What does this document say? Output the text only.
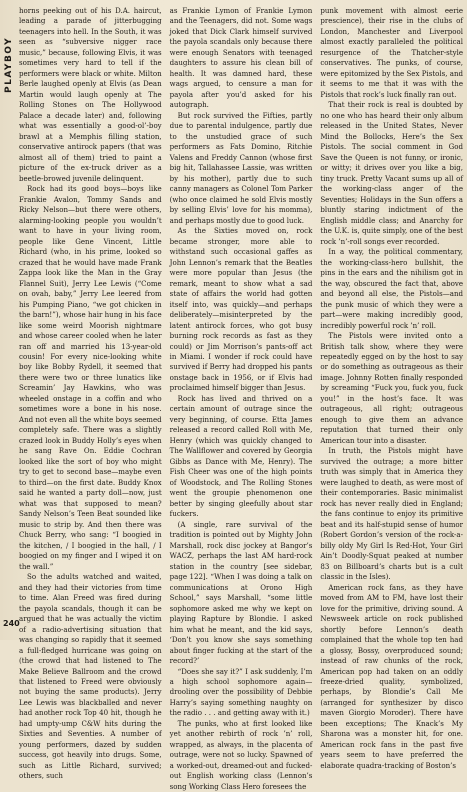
PLAYBOY
240

horns peeking out of his D.A. haircut, leading a parade of jitterbugging teenagers into hell. In the South, it was seen as “subversive nigger race music,” because, following Elvis, it was sometimes very hard to tell if the performers were black or white. Milton Berle laughed openly at Elvis (as Dean Martin would laugh openly at The Rolling Stones on The Hollywood Palace a decade later) and, following what was essentially a good-ol’-boy brawl at a Memphis filling station, conservative antirock papers (that was almost all of them) tried to paint a picture of the ex-truck driver as a beetle-browed juvenile delinquent.

Rock had its good boys—boys like Frankie Avalon, Tommy Sands and Ricky Nelson—but there were others, alarming-looking people you wouldn’t want to have in your living room, people like Gene Vincent, Little Richard (who, in his prime, looked so crazed that he would have made Frank Zappa look like the Man in the Gray Flannel Suit), Jerry Lee Lewis (“Come on ovah, baby,” Jerry Lee leered from his Pumping Piano, “we got chicken in the barn!”), whose hair hung in his face like some weird Moorish nightmare and whose career cooled when he later ran off and married his 13-year-old cousin! For every nice-looking white boy like Bobby Rydell, it seemed that there were two or three lunatics like Screamin’ Jay Hawkins, who was wheeled onstage in a coffin and who sometimes wore a bone in his nose. And not even all the white boys seemed completely safe. There was a slightly crazed look in Buddy Holly’s eyes when he sang Rave On. Eddie Cochran looked like the sort of boy who might try to get to second base—maybe even to third—on the first date. Buddy Knox said he wanted a party doll—now, just what was that supposed to mean? Sandy Nelson’s Teen Beat sounded like music to strip by. And then there was Chuck Berry, who sang: “I boogied in the kitchen, / I boogied in the hall, / I boogied on my finger and I wiped it on the wall.”

So the adults watched and waited, and they had their victories from time to time. Alan Freed was fired during the payola scandals, though it can be argued that he was actually the victim of a radio-advertising situation that was changing so rapidly that it seemed a full-fledged hurricane was going on (the crowd that had listened to The Make Believe Ballroom and the crowd that listened to Freed were obviously not buying the same products). Jerry Lee Lewis was blackballed and never had another rock Top 40 hit, though he had umpty-ump C&W hits during the Sixties and Seventies. A number of young performers, dazed by sudden success, got heavily into drugs. Some, such as Little Richard, survived; others, such

as Frankie Lymon of Frankie Lymon and the Teenagers, did not. Some wags joked that Dick Clark himself survived the payola scandals only because there were enough Senators with teenaged daughters to assure his clean bill of health. It was damned hard, these wags argued, to censure a man for payola after you’d asked for his autograph.

But rock survived the Fifties, partly due to parental indulgence, partly due to the unstudied grace of such performers as Fats Domino, Ritchie Valens and Freddy Cannon (whose first big hit, Tallahassee Lassie, was written by his mother), partly due to such canny managers as Colonel Tom Parker (who once claimed he sold Elvis mostly by selling Elvis’ love for his momma), and perhaps mostly due to good luck.

As the Sixties moved on, rock became stronger, more able to withstand such occasional gaffes as John Lennon’s remark that the Beatles were more popular than Jesus (the remark, meant to show what a sad state of affairs the world had gotten itself into, was quickly—and perhaps deliberately—misinterpreted by the latent antirock forces, who got busy burning rock records as fast as they could) or Jim Morrison’s pants-off act in Miami. I wonder if rock could have survived if Berry had dropped his pants onstage back in 1956, or if Elvis had proclaimed himself bigger than Jesus.

Rock has lived and thrived on a certain amount of outrage since the very beginning, of course. Etta James released a record called Roll with Me, Henry (which was quickly changed to The Wallflower and covered by Georgia Gibbs as Dance with Me, Henry). The Fish Cheer was one of the high points of Woodstock, and The Rolling Stones went the groupie phenomenon one better by singing gleefully about star fuckers.

(A single, rare survival of the tradition is pointed out by Mighty John Marshall, rock disc jockey at Bangor’s WACZ, perhaps the last AM hard-rock station in the country [see sidebar, page 122]. “When I was doing a talk on communications at Orono High School,” says Marshall, “some little sophomore asked me why we kept on playing Rapture by Blondie. I asked him what he meant, and the kid says, ‘Don’t you know she says something about finger fucking at the start of the record?’

“Does she say it?” I ask suddenly, I’m a high school sophomore again—drooling over the possibility of Debbie Harry’s saying something naughty on the radio . . . and getting away with it.)

The punks, who at first looked like yet another rebirth of rock ’n’ roll, wrapped, as always, in the placenta of outrage, were not so lucky. Spawned of a worked-out, dreamed-out and fucked-out English working class (Lennon’s song Working Class Hero foresees the

punk movement with almost eerie prescience), their rise in the clubs of London, Manchester and Liverpool almost exactly paralleled the political resurgence of the Thatcher-style conservatives. The punks, of course, were epitomized by the Sex Pistols, and it seems to me that it was with the Pistols that rock’s luck finally ran out.

That their rock is real is doubted by no one who has heard their only album released in the United States, Never Mind the Bollocks, Here’s the Sex Pistols. The social comment in God Save the Queen is not funny, or ironic, or witty; it drives over you like a big, tiny truck. Pretty Vacant sums up all of the working-class anger of the Seventies; Holidays in the Sun offers a bluntly staring indictment of the English middle class; and Anarchy for the U.K. is, quite simply, one of the best rock ’n’-roll songs ever recorded.

In a way, the political commentary, the working-class-hero bullshit, the pins in the ears and the nihilism got in the way, obscured the fact that, above and beyond all else, the Pistols—and the punk music of which they were a part—were making incredibly good, incredibly powerful rock ’n’ roll.

The Pistols were invited onto a British talk show, where they were repeatedly egged on by the host to say or do something as outrageous as their image. Johnny Rotten finally responded by screaming “Fuck you, fuck you, fuck you!” in the host’s face. It was outrageous, all right; outrageous enough to give them an advance reputation that turned their only American tour into a disaster.

In truth, the Pistols might have survived the outrage; a more bitter truth was simply that in America they were laughed to death, as were most of their contemporaries. Basic minimalist rock has never really died in England; the fans continue to enjoy its primitive beat and its half-stupid sense of humor (Robert Gordon’s version of the rock-a-billy oldy My Girl Is Red-Hot, Your Girl Ain’t Doodly-Squat peaked at number 83 on Billboard’s charts but is a cult classic in the Isles).

American rock fans, as they have moved from AM to FM, have lost their love for the primitive, driving sound. A Newsweek article on rock published shortly before Lennon’s death complained that the whole top ten had a glossy, Bossy, overproduced sound; instead of raw chunks of the rock, American pop had taken on an oddly freeze-dried quality, symbolized, perhaps, by Blondie’s Call Me (arranged for synthesizer by disco maven Giorgio Moroder). There have been exceptions; The Knack’s My Sharona was a monster hit, for one. American rock fans in the past five years seem to have preferred the elaborate quadra-tracking of Boston’s
